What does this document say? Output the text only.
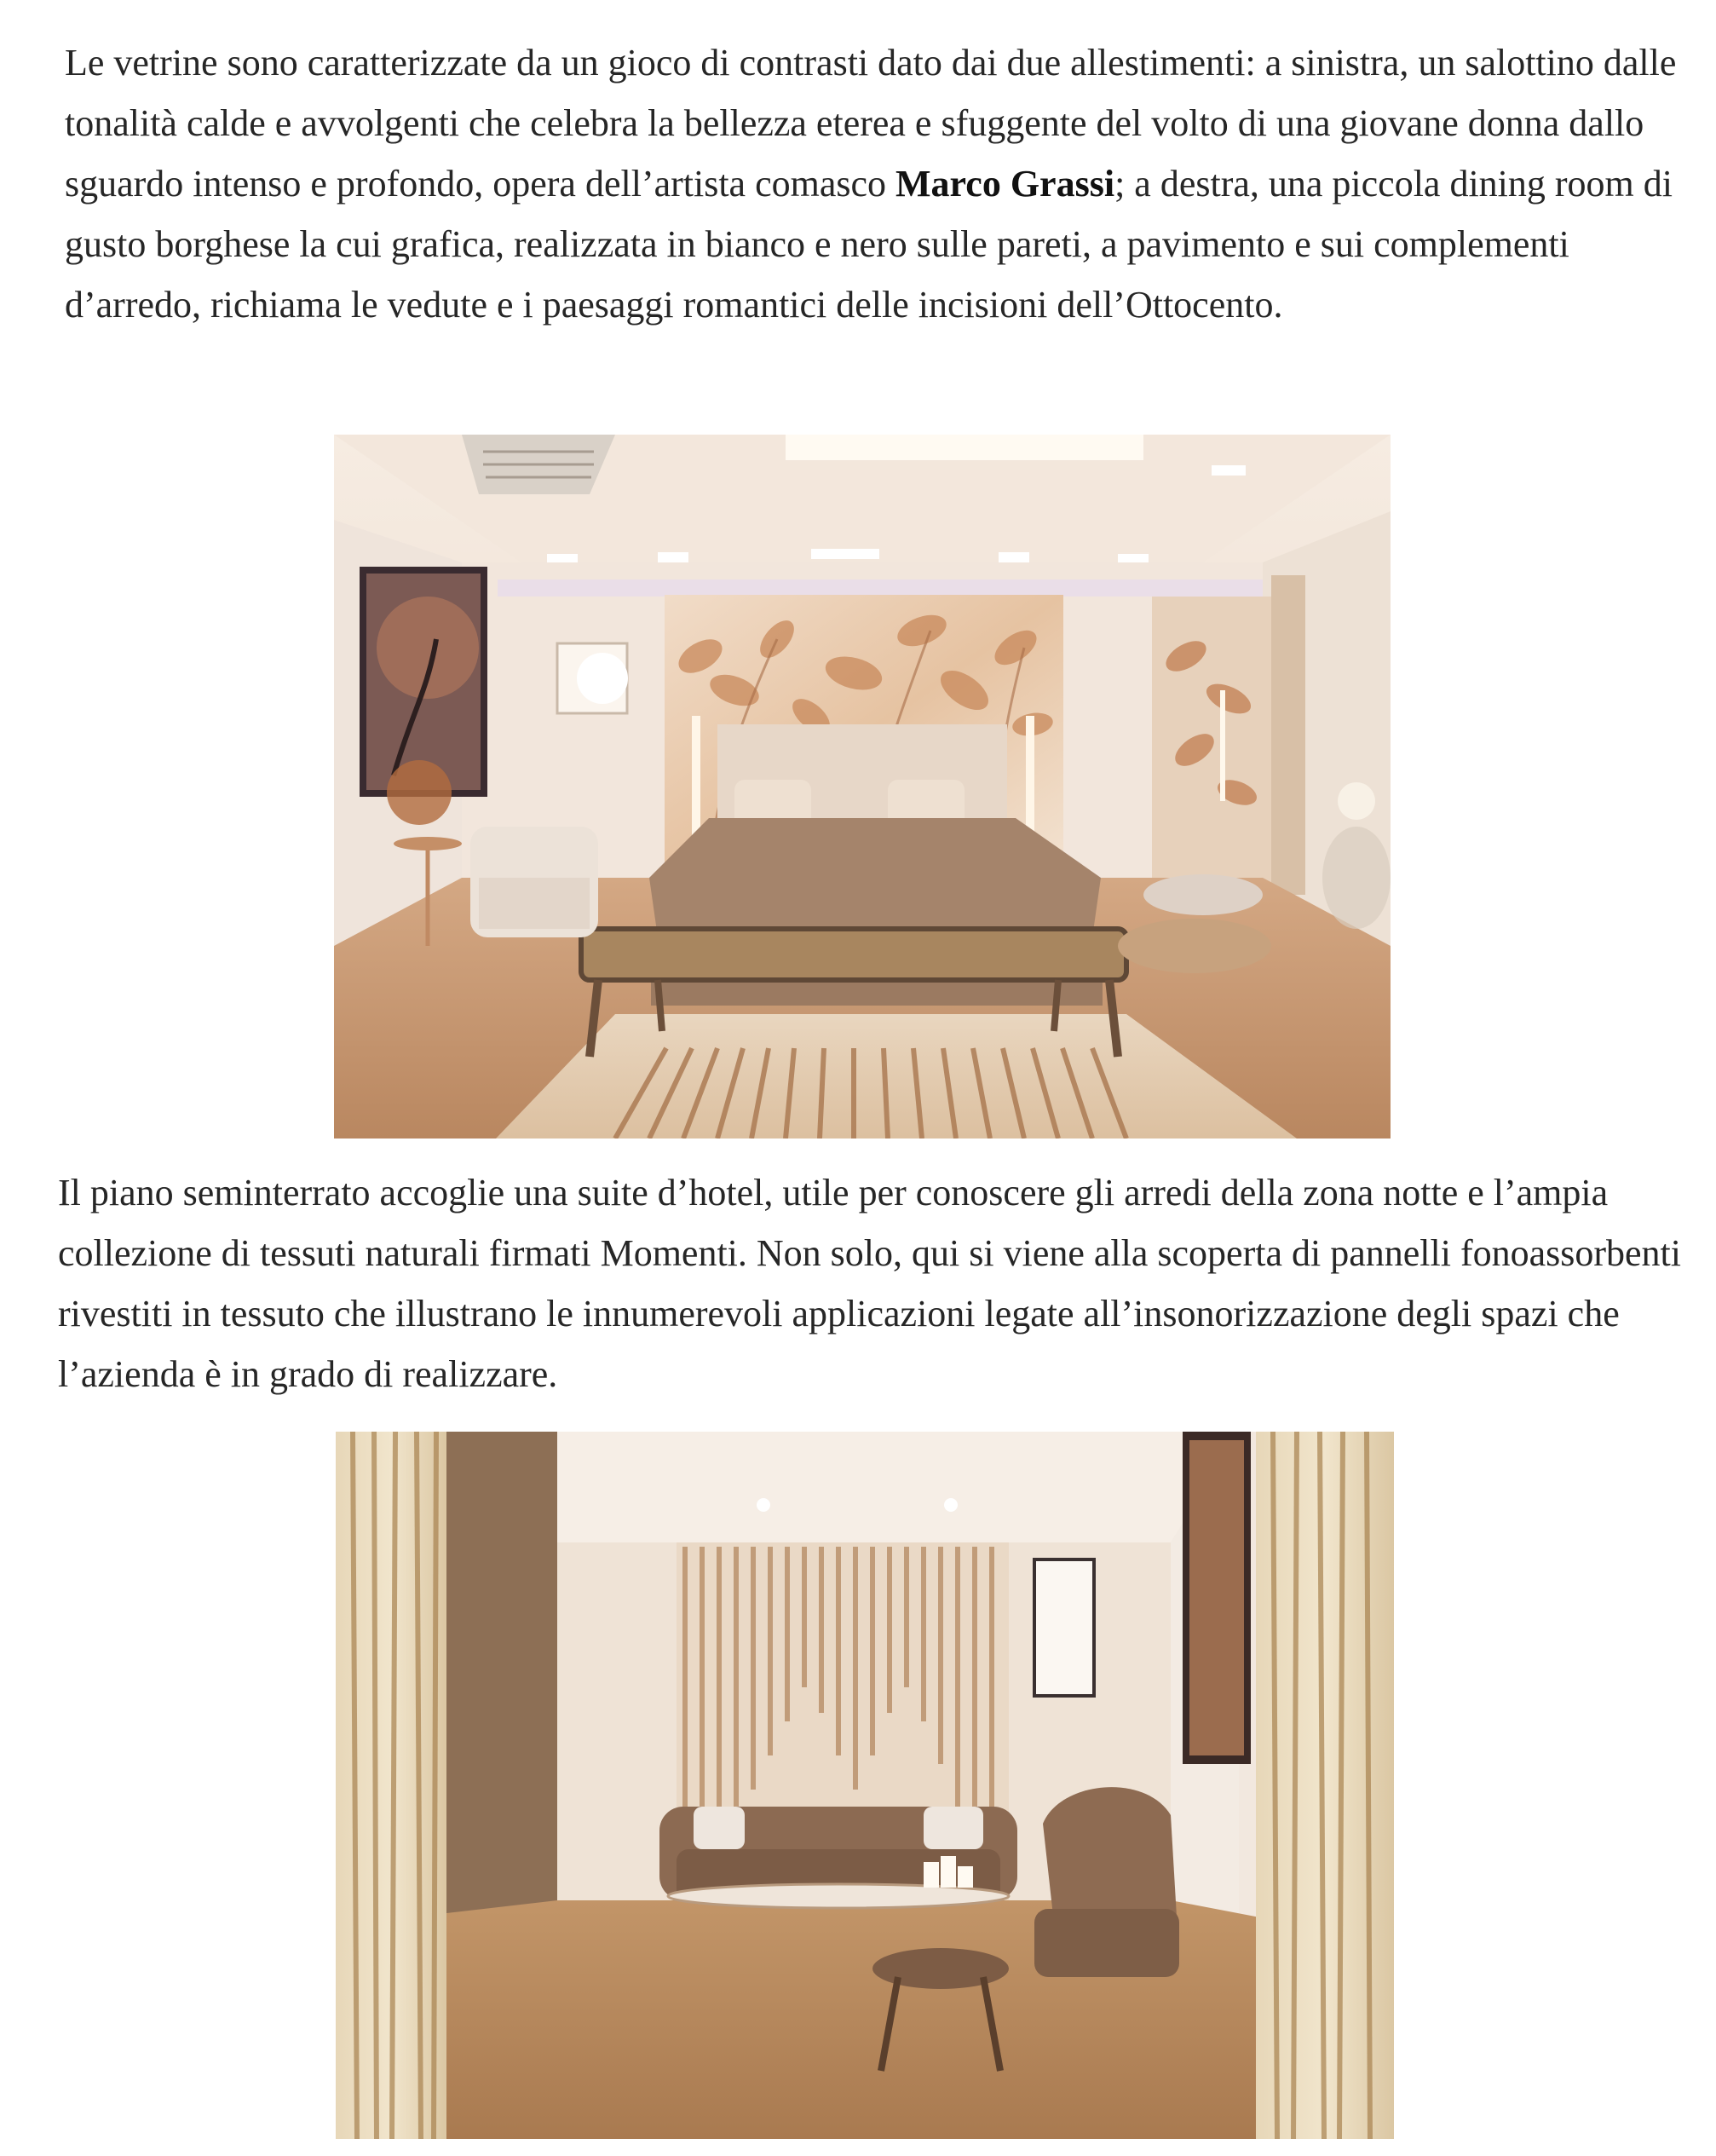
Le vetrine sono caratterizzate da un gioco di contrasti dato dai due allestimenti: a sinistra, un salottino dalle tonalità calde e avvolgenti che celebra la bellezza eterea e sfuggente del volto di una giovane donna dallo sguardo intenso e profondo, opera dell’artista comasco Marco Grassi; a destra, una piccola dining room di gusto borghese la cui grafica, realizzata in bianco e nero sulle pareti, a pavimento e sui complementi d’arredo, richiama le vedute e i paesaggi romantici delle incisioni dell’Ottocento.

Il piano seminterrato accoglie una suite d’hotel, utile per conoscere gli arredi della zona notte e l’ampia collezione di tessuti naturali firmati Momenti. Non solo, qui si viene alla scoperta di pannelli fonoassorbenti rivestiti in tessuto che illustrano le innumerevoli applicazioni legate all’insonorizzazione degli spazi che l’azienda è in grado di realizzare.
